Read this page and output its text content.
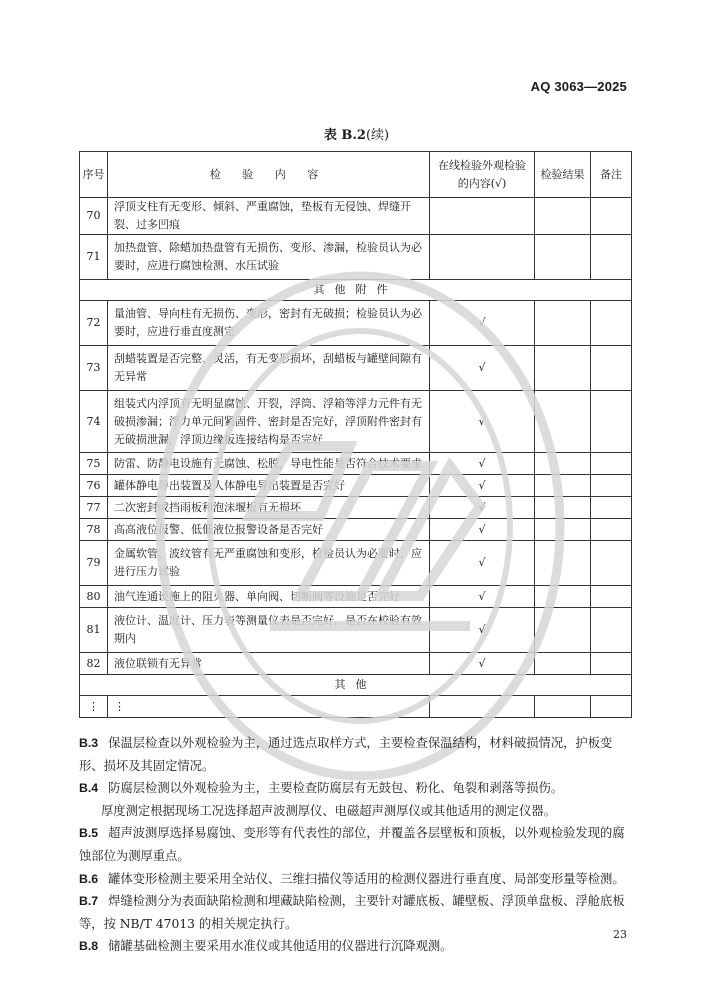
AQ 3063—2025
表 B.2(续)
序号	检 验 内 容	在线检验外观检验的内容(√)	检验结果	备注
70	浮顶支柱有无变形、倾斜、严重腐蚀，垫板有无侵蚀、焊缝开裂、过多凹痕			
71	加热盘管、除蜡加热盘管有无损伤、变形、渗漏，检验员认为必要时，应进行腐蚀检测、水压试验			
其他附件				
72	量油管、导向柱有无损伤、变形，密封有无破损；检验员认为必要时，应进行垂直度测定	√		
73	刮蜡装置是否完整、灵活，有无变形损坏，刮蜡板与罐壁间隙有无异常	√		
74	组装式内浮顶有无明显腐蚀、开裂，浮筒、浮箱等浮力元件有无破损渗漏；浮力单元间紧固件、密封是否完好，浮顶附件密封有无破损泄漏，浮顶边缘板连接结构是否完好	√		
75	防雷、防静电设施有无腐蚀、松脱，导电性能是否符合技术要求	√		
76	罐体静电导出装置及人体静电导出装置是否完好	√		
77	二次密封或挡雨板和泡沫堰板有无损坏	√		
78	高高液位报警、低低液位报警设备是否完好	√		
79	金属软管、波纹管有无严重腐蚀和变形，检验员认为必要时，应进行压力试验	√		
80	油气连通设施上的阻火器、单向阀、切断阀等设施是否完好	√		
81	液位计、温度计、压力表等测量仪表是否完好，是否在校验有效期内	√		
82	液位联锁有无异常	√		
其他				
⋮	⋮			

B.3 保温层检查以外观检验为主，通过选点取样方式，主要检查保温结构，材料破损情况，护板变形、损坏及其固定情况。

B.4 防腐层检测以外观检验为主，主要检查防腐层有无鼓包、粉化、龟裂和剥落等损伤。

厚度测定根据现场工况选择超声波测厚仪、电磁超声测厚仪或其他适用的测定仪器。

B.5 超声波测厚选择易腐蚀、变形等有代表性的部位，并覆盖各层壁板和顶板，以外观检验发现的腐蚀部位为测厚重点。

B.6 罐体变形检测主要采用全站仪、三维扫描仪等适用的检测仪器进行垂直度、局部变形量等检测。

B.7 焊缝检测分为表面缺陷检测和埋藏缺陷检测，主要针对罐底板、罐壁板、浮顶单盘板、浮舱底板等，按 NB/T 47013 的相关规定执行。

B.8 储罐基础检测主要采用水准仪或其他适用的仪器进行沉降观测。

23
